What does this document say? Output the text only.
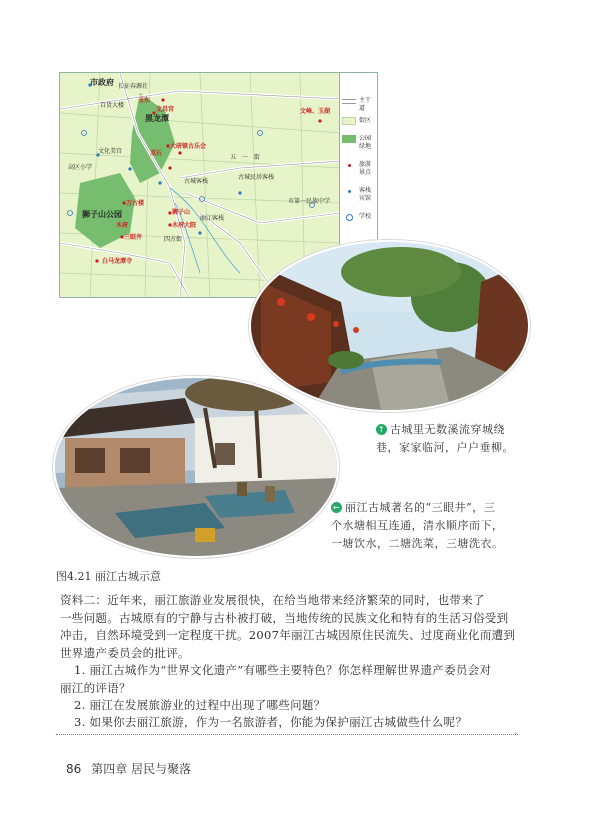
市政府 长征春源社
百货大楼
玉东
文昌宫
黑龙潭
文化美宫
高区小学
大研镇古乐会
双石
古城客栈
万古楼
狮子山公园	狮子山
木府大院
木府
丽江客栈
三眼井	四方街
白马龙潭寺
文峰、玉湖
古城民居客栈
市第一民族中学
五 一 街
主干道
街区
公园绿地
旅游景点
客栈宾馆
学校
↑ 古城里无数溪流穿城绕
巷，家家临河，户户垂柳。
← 丽江古城著名的“三眼井”，三
个水塘相互连通，清水顺序而下，
一塘饮水，二塘洗菜，三塘洗衣。
图4.21 丽江古城示意
资料二：近年来，丽江旅游业发展很快，在给当地带来经济繁荣的同时，也带来了
一些问题。古城原有的宁静与古朴被打破，当地传统的民族文化和特有的生活习俗受到
冲击，自然环境受到一定程度干扰。2007年丽江古城因原住民流失、过度商业化而遭到
世界遗产委员会的批评。
1. 丽江古城作为“世界文化遗产”有哪些主要特色？你怎样理解世界遗产委员会对
丽江的评语？
2. 丽江在发展旅游业的过程中出现了哪些问题？
3. 如果你去丽江旅游，作为一名旅游者，你能为保护丽江古城做些什么呢？
›
86 第四章 居民与聚落
